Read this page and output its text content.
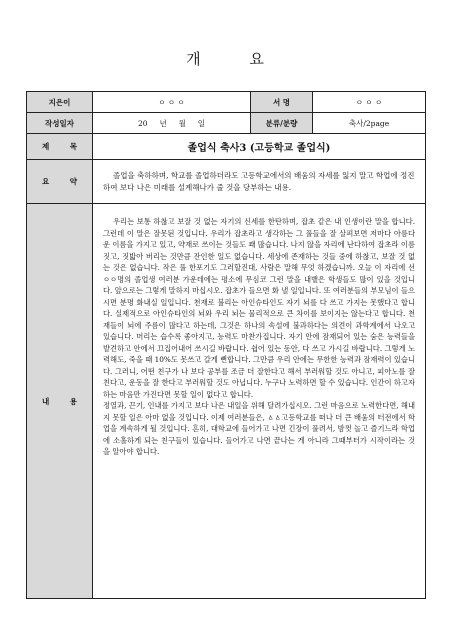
개 요
지은이	ㅇ ㅇ ㅇ	서 명	ㅇ ㅇ ㅇ
작성일자	20     년     월     일	분류/분량	축사/2page
제 목	졸업식 축사3 (고등학교 졸업식)		
요 약	졸업을 축하하며, 학교를 졸업하더라도 고등학교에서의 배움의 자세를 잃지 말고 학업에 정진하여 보다 나은 미래를 설계해나가 줄 것을 당부하는 내용.		

내 용	우리는 보통 하찮고 보잘 것 없는 자기의 신세를 한탄하며, 잡초 같은 내 인생이란 말을 합니다. 그런데 이 말은 잘못된 것입니다. 우리가 잡초라고 생각하는 그 풀들을 잘 살펴보면 저마다 아름다운 이름을 가지고 있고, 약재로 쓰이는 것들도 꽤 많습니다. 나지 않을 자리에 난다하여 잡초라 이름 짓고, 짓밟아 버리는 것만큼 잔인한 일도 없습니다. 세상에 존재하는 것들 중에 하찮고, 보잘 것 없는 것은 없습니다. 작은 풀 한포기도 그러할진대, 사람은 말해 무엇 하겠습니까. 오늘 이 자리에 선 ㅇㅇ명의 졸업생 여러분 가운데에는 평소에 무심코 그런 말을 내뱉은 학생들도 많이 있을 것입니다. 앞으로는 그렇게 말하지 마십시오. 잡초가 들으면 화 낼 일입니다. 또 여러분들의 부모님이 들으시면 분명 화내실 일입니다. 천재로 불리는 아인슈타인도 자기 뇌를 다 쓰고 가지는 못했다고 합니다. 실제적으로 아인슈타인의 뇌와 우리 뇌는 물리적으로 큰 차이를 보이지는 않는다고 합니다. 천재들이 뇌에 주름이 많다고 하는데, 그것은 하나의 속설에 불과하다는 의견이 과학계에서 나오고 있습니다. 머리는 습수록 좋아지고, 능력도 마찬가집니다. 자기 안에 잠재되어 있는 숨은 능력들을 발견하고 안에서 끄집어내어 쓰시길 바랍니다. 쉽어 있는 동안, 다 쓰고 가시길 바랍니다. 그렇게 노력해도, 죽을 때 10%도 못쓰고 갈게 뻔합니다. 그만큼 우리 안에는 무한한 능력과 잠재력이 있습니다. 그러니, 어떤 친구가 나 보다 공부를 조금 더 잘한다고 해서 부러워할 것도 아니고, 피아노를 잘 친다고, 운동을 잘 한다고 부러워할 것도 아닙니다. 누구나 노력하면 할 수 있습니다. 인간이 하고자 하는 마음만 가진다면 못할 일이 없다고 합니다.

정열과, 끈기, 인내를 가지고 보다 나은 내일을 위해 달려가십시오. 그런 마음으로 노력한다면, 해내지 못할 일은 아마 없을 것입니다. 이제 여러분들은, ㅿㅿ고등학교를 떠나 더 큰 배움의 터전에서 학업을 계속하게 될 것입니다. 흔히, 대학교에 들어가고 나면 긴장이 풀려서, 밤껏 놀고 즐기느라 학업에 소홀하게 되는 친구들이 있습니다. 들어가고 나면 끝나는 게 아니라 그때부터가 시작이라는 것을 알아야 합니다.		
